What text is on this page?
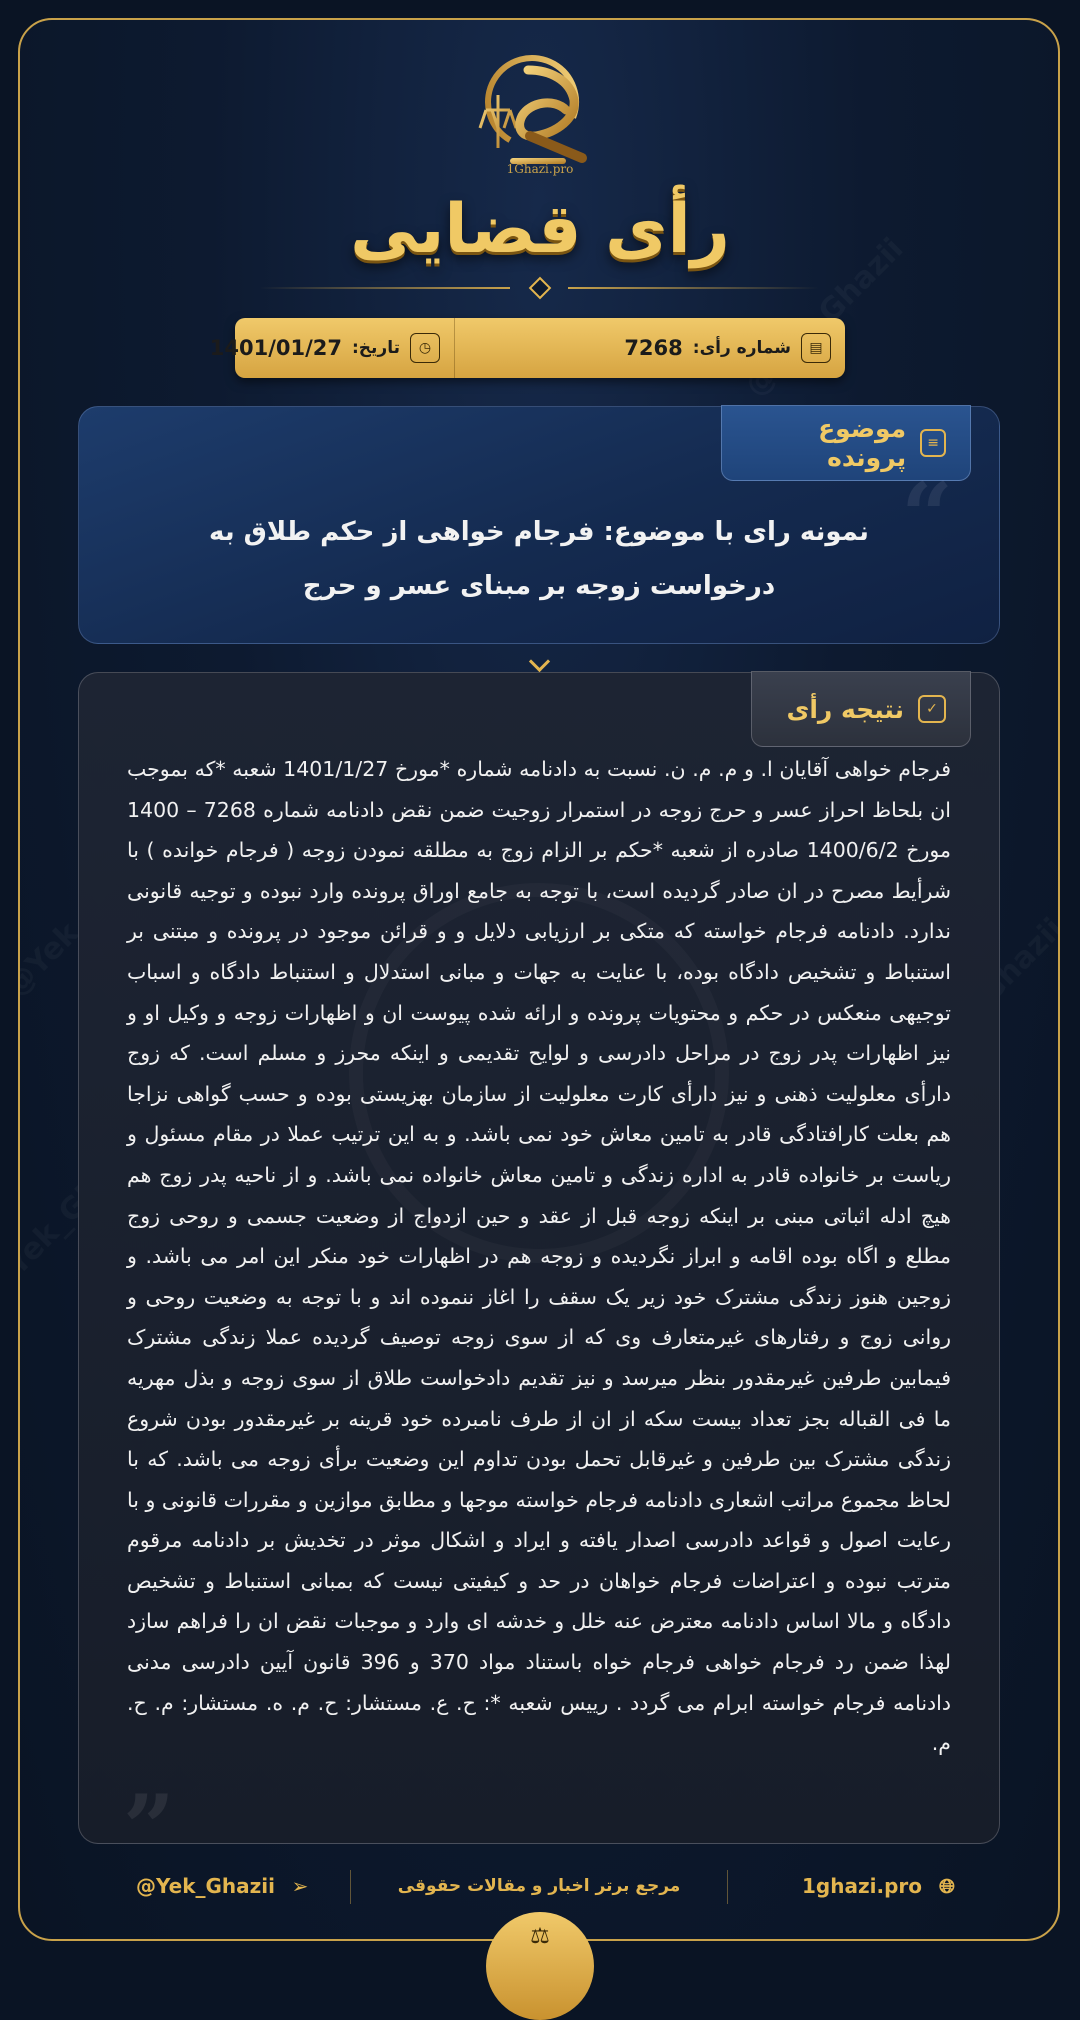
1Ghazi.pro
رأی قضایی
▤
شماره رأی:
7268
◷
تاریخ:
1401/01/27
≡
موضوع پرونده
“
نمونه رای با موضوع: فرجام خواهی از حکم طلاق به درخواست زوجه بر مبنای عسر و حرج
✓
نتیجه رأی
فرجام خواهی آقایان ا. و م. م. ن. نسبت به دادنامه شماره *مورخ 1401/1/27 شعبه *که بموجب ان بلحاظ احراز عسر و حرج زوجه در استمرار زوجیت ضمن نقض دادنامه شماره 7268 – 1400 مورخ 1400/6/2 صادره از شعبه *حکم بر الزام زوج به مطلقه نمودن زوجه ( فرجام خوانده ) با شرأیط مصرح در ان صادر گردیده است، با توجه به جامع اوراق پرونده وارد نبوده و توجیه قانونی ندارد. دادنامه فرجام خواسته که متکی بر ارزیابی دلایل و و قرائن موجود در پرونده و مبتنی بر استنباط و تشخیص دادگاه بوده، با عنایت به جهات و مبانی استدلال و استنباط دادگاه و اسباب توجیهی منعکس در حکم و محتویات پرونده و ارائه شده پیوست ان و اظهارات زوجه و وکیل او و نیز اظهارات پدر زوج در مراحل دادرسی و لوایح تقدیمی و اینکه محرز و مسلم است. که زوج دارأی معلولیت ذهنی و نیز دارأی کارت معلولیت از سازمان بهزیستی بوده و حسب گواهی نزاجا هم بعلت کارافتادگی قادر به تامین معاش خود نمی باشد. و به این ترتیب عملا در مقام مسئول و ریاست بر خانواده قادر به اداره زندگی و تامین معاش خانواده نمی باشد. و از ناحیه پدر زوج هم هیچ ادله اثباتی مبنی بر اینکه زوجه قبل از عقد و حین ازدواج از وضعیت جسمی و روحی زوج مطلع و اگاه بوده اقامه و ابراز نگردیده و زوجه هم در اظهارات خود منکر این امر می باشد. و زوجین هنوز زندگی مشترک خود زیر یک سقف را اغاز ننموده اند و با توجه به وضعیت روحی و روانی زوج و رفتارهای غیرمتعارف وی که از سوی زوجه توصیف گردیده عملا زندگی مشترک فیمابین طرفین غیرمقدور بنظر میرسد و نیز تقدیم دادخواست طلاق از سوی زوجه و بذل مهریه ما فی القباله بجز تعداد بیست سکه از ان از طرف نامبرده خود قرینه بر غیرمقدور بودن شروع زندگی مشترک بین طرفین و غیرقابل تحمل بودن تداوم این وضعیت برأی زوجه می باشد. که با لحاظ مجموع مراتب اشعاری دادنامه فرجام خواسته موجها و مطابق موازین و مقررات قانونی و با رعایت اصول و قواعد دادرسی اصدار یافته و ایراد و اشکال موثر در تخدیش بر دادنامه مرقوم مترتب نبوده و اعتراضات فرجام خواهان در حد و کیفیتی نیست که بمبانی استنباط و تشخیص دادگاه و مالا اساس دادنامه معترض عنه خلل و خدشه ای وارد و موجبات نقض ان را فراهم سازد لهذا ضمن رد فرجام خواهی فرجام خواه باستناد مواد 370 و 396 قانون آیین دادرسی مدنی دادنامه فرجام خواسته ابرام می گردد . رییس شعبه *: ح. ع. مستشار: ح. م. ه. مستشار: م. ح. م.
”
🌐︎
1ghazi.pro
مرجع برتر اخبار و مقالات حقوقی
➢
@Yek_Ghazii
⚖
